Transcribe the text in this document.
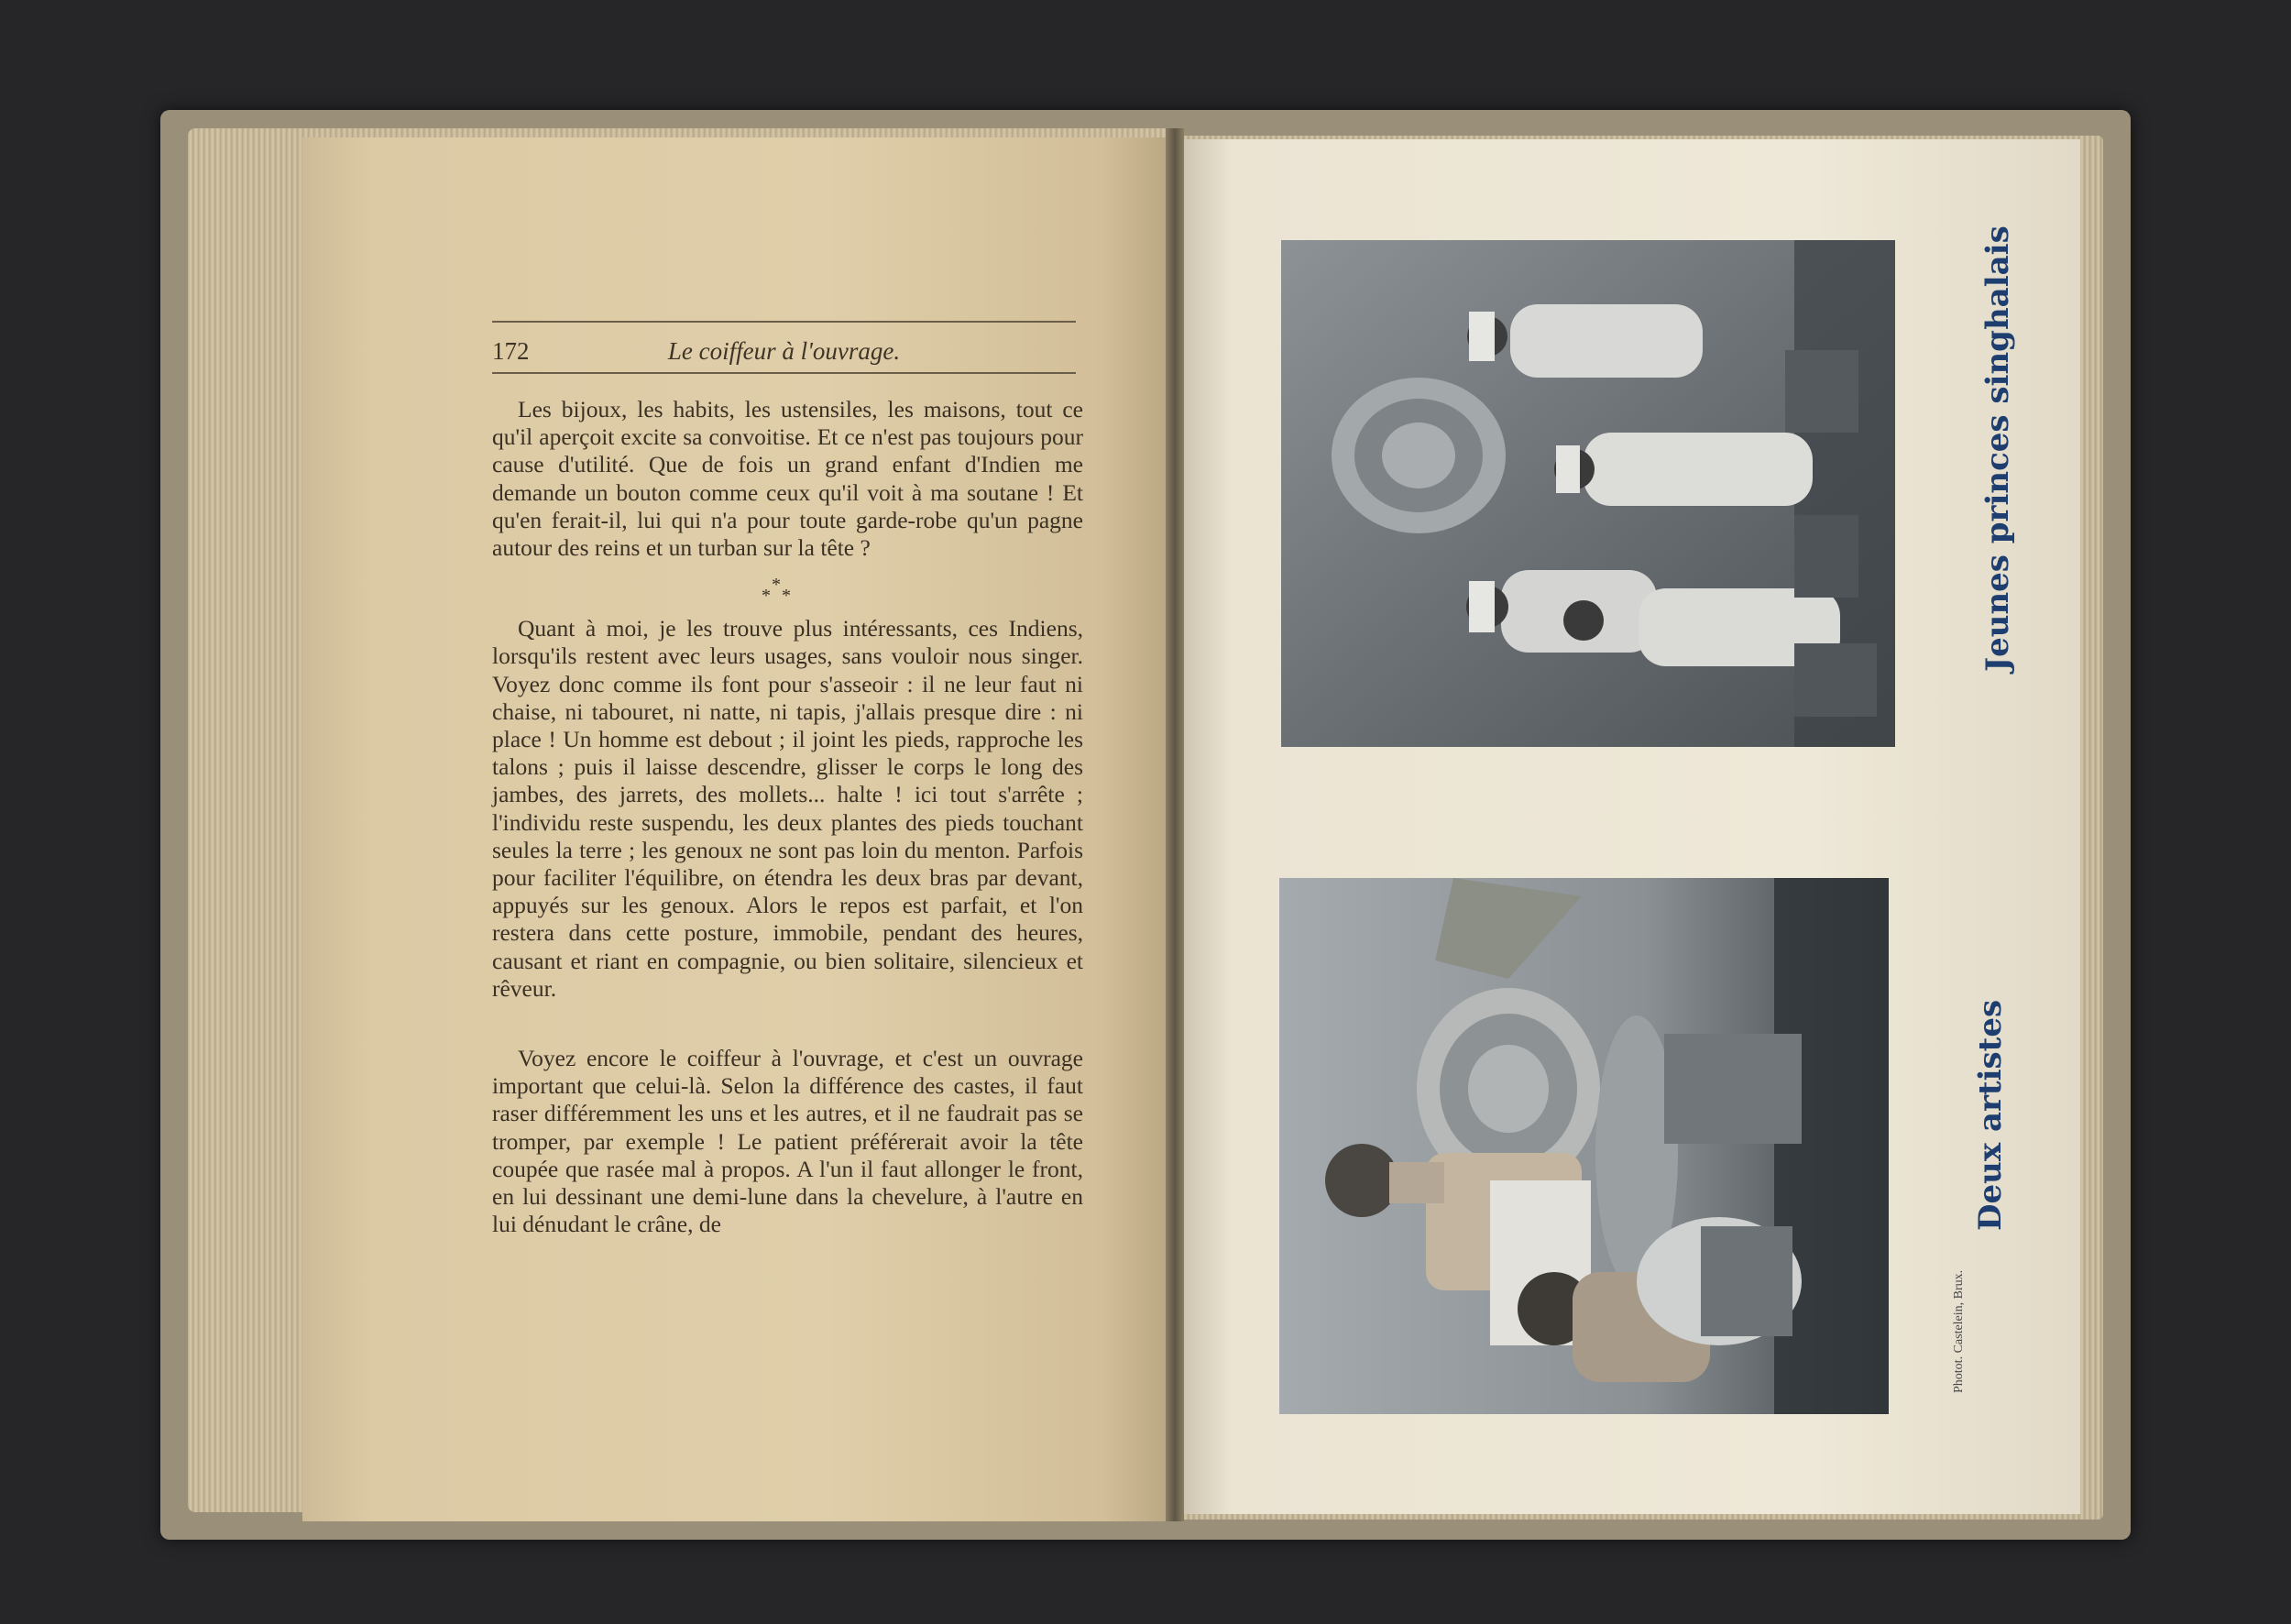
172	Le coiffeur à l'ouvrage.

Les bijoux, les habits, les ustensiles, les maisons, tout ce qu'il aperçoit excite sa convoitise. Et ce n'est pas toujours pour cause d'utilité. Que de fois un grand enfant d'Indien me demande un bouton comme ceux qu'il voit à ma soutane ! Et qu'en ferait-il, lui qui n'a pour toute garde-robe qu'un pagne autour des reins et un turban sur la tête ?

*
* *

Quant à moi, je les trouve plus intéressants, ces Indiens, lorsqu'ils restent avec leurs usages, sans vouloir nous singer. Voyez donc comme ils font pour s'asseoir : il ne leur faut ni chaise, ni tabouret, ni natte, ni tapis, j'allais presque dire : ni place ! Un homme est debout ; il joint les pieds, rapproche les talons ; puis il laisse descendre, glisser le corps le long des jambes, des jarrets, des mollets... halte ! ici tout s'arrête ; l'individu reste suspendu, les deux plantes des pieds touchant seules la terre ; les genoux ne sont pas loin du menton. Parfois pour faciliter l'équilibre, on étendra les deux bras par devant, appuyés sur les genoux. Alors le repos est parfait, et l'on restera dans cette posture, immobile, pendant des heures, causant et riant en compagnie, ou bien solitaire, silencieux et rêveur.

Voyez encore le coiffeur à l'ouvrage, et c'est un ouvrage important que celui-là. Selon la différence des castes, il faut raser différemment les uns et les autres, et il ne faudrait pas se tromper, par exemple ! Le patient préférerait avoir la tête coupée que rasée mal à propos. A l'un il faut allonger le front, en lui dessinant une demi-lune dans la chevelure, à l'autre en lui dénudant le crâne, de

Jeunes princes singhalais
Deux artistes
Photot. Castelein, Brux.
